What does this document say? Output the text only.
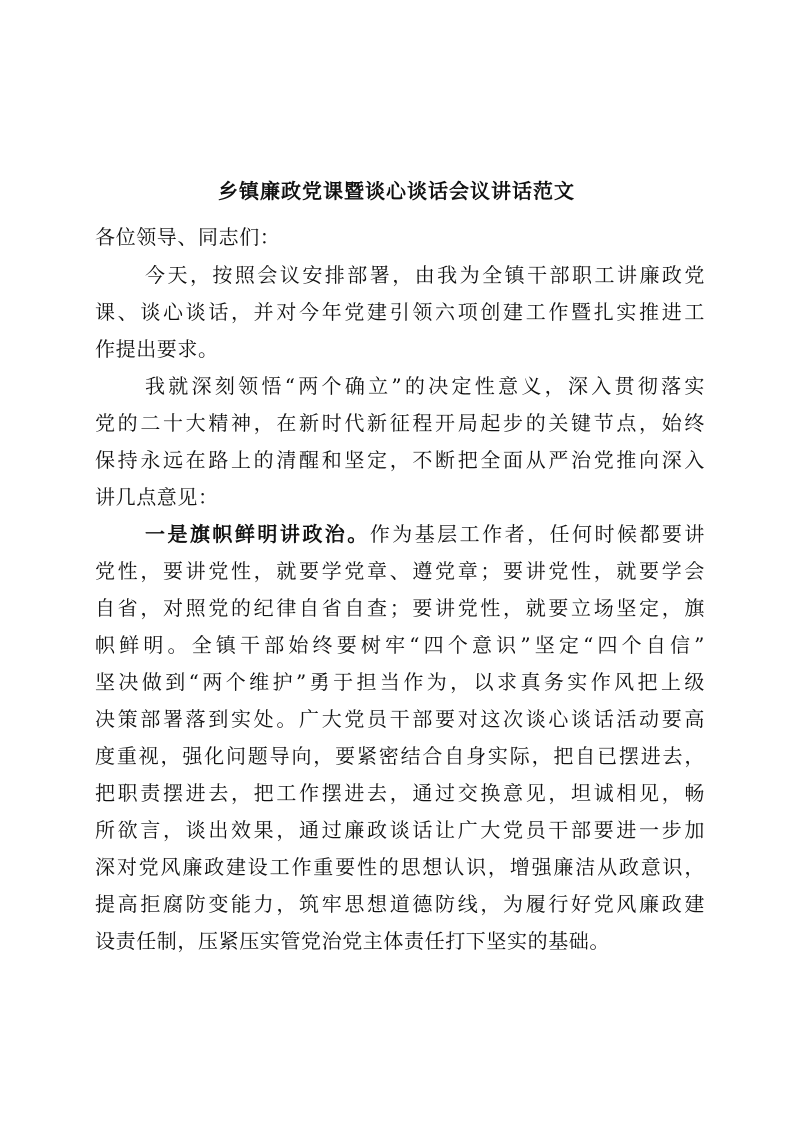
乡镇廉政党课暨谈心谈话会议讲话范文
各位领导、同志们：
今天，按照会议安排部署，由我为全镇干部职工讲廉政党
课、谈心谈话，并对今年党建引领六项创建工作暨扎实推进工
作提出要求。
我就深刻领悟“两个确立”的决定性意义，深入贯彻落实
党的二十大精神，在新时代新征程开局起步的关键节点，始终
保持永远在路上的清醒和坚定，不断把全面从严治党推向深入
讲几点意见：
一是旗帜鲜明讲政治。作为基层工作者，任何时候都要讲
党性，要讲党性，就要学党章、遵党章；要讲党性，就要学会
自省，对照党的纪律自省自查；要讲党性，就要立场坚定，旗
帜鲜明。全镇干部始终要树牢“四个意识”坚定“四个自信”
坚决做到“两个维护”勇于担当作为，以求真务实作风把上级
决策部署落到实处。广大党员干部要对这次谈心谈话活动要高
度重视，强化问题导向，要紧密结合自身实际，把自已摆进去，
把职责摆进去，把工作摆进去，通过交换意见，坦诚相见，畅
所欲言，谈出效果，通过廉政谈话让广大党员干部要进一步加
深对党风廉政建设工作重要性的思想认识，增强廉洁从政意识，
提高拒腐防变能力，筑牢思想道德防线，为履行好党风廉政建
设责任制，压紧压实管党治党主体责任打下坚实的基础。
